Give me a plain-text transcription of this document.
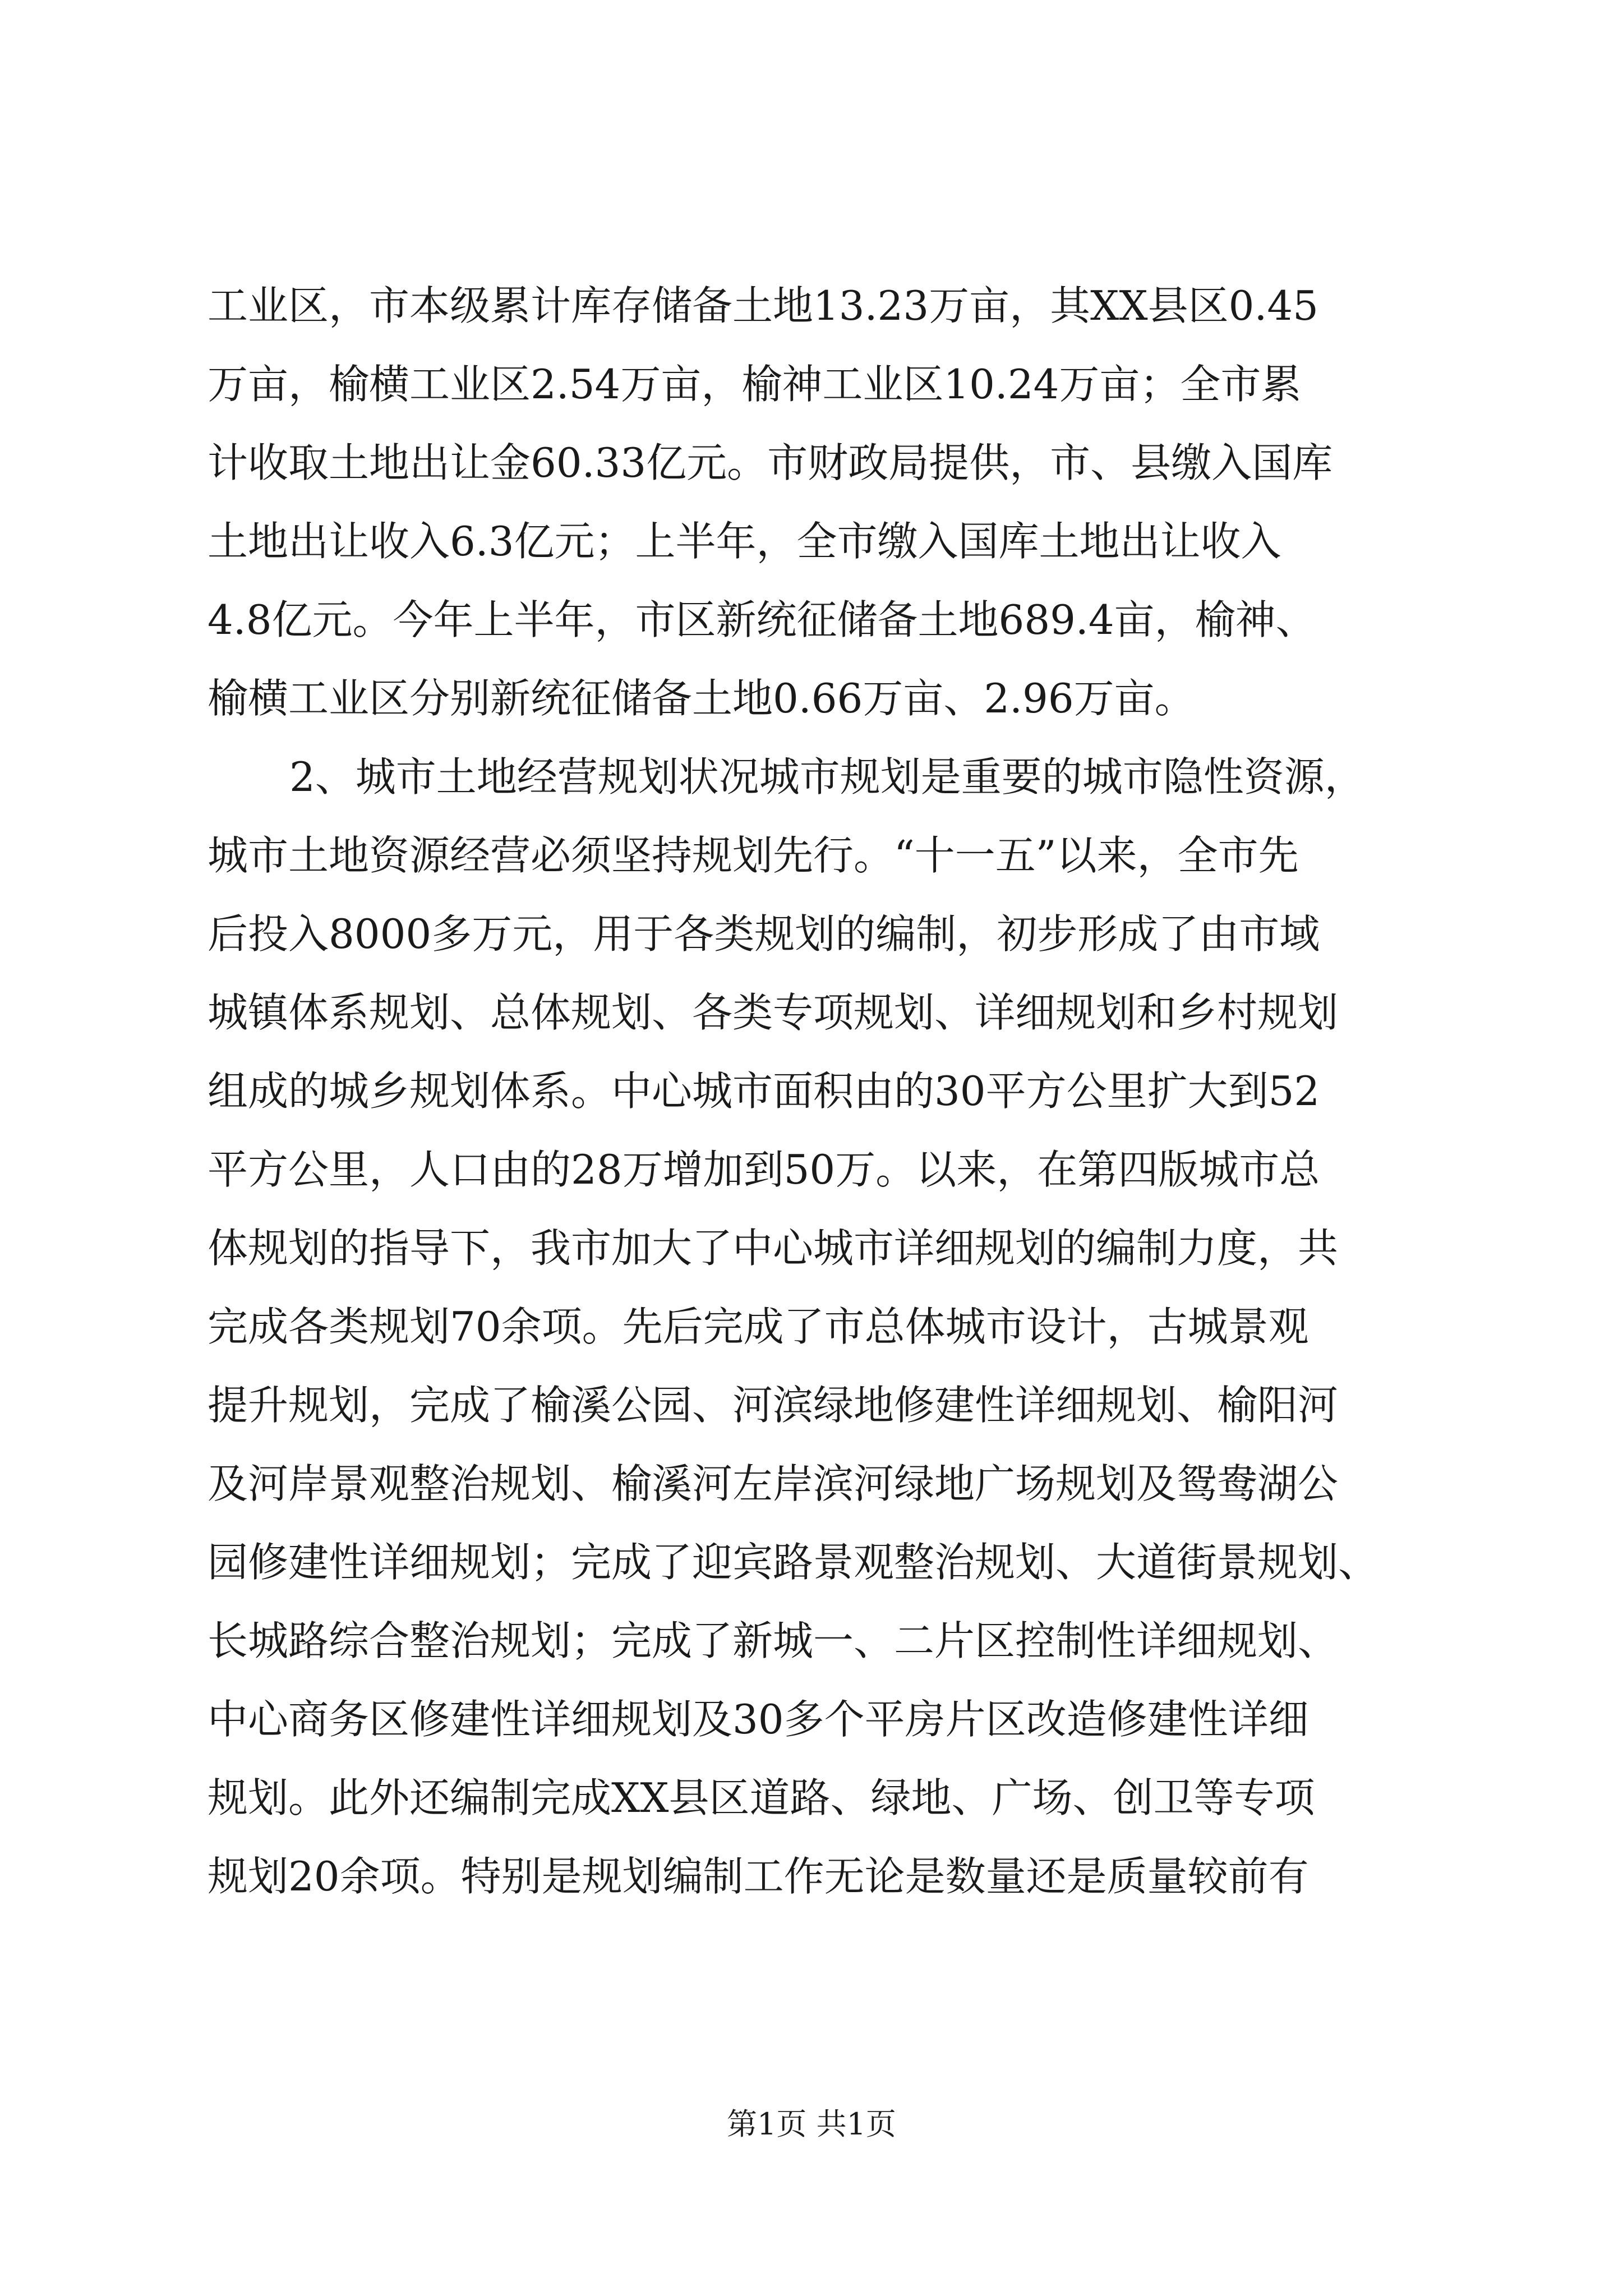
工业区，市本级累计库存储备土地13.23万亩，其XX县区0.45
万亩，榆横工业区2.54万亩，榆神工业区10.24万亩；全市累
计收取土地出让金60.33亿元。市财政局提供，市、县缴入国库
土地出让收入6.3亿元；上半年，全市缴入国库土地出让收入
4.8亿元。今年上半年，市区新统征储备土地689.4亩，榆神、
榆横工业区分别新统征储备土地0.66万亩、2.96万亩。
2、城市土地经营规划状况城市规划是重要的城市隐性资源，
城市土地资源经营必须坚持规划先行。“十一五”以来，全市先
后投入8000多万元，用于各类规划的编制，初步形成了由市域
城镇体系规划、总体规划、各类专项规划、详细规划和乡村规划
组成的城乡规划体系。中心城市面积由的30平方公里扩大到52
平方公里，人口由的28万增加到50万。以来，在第四版城市总
体规划的指导下，我市加大了中心城市详细规划的编制力度，共
完成各类规划70余项。先后完成了市总体城市设计，古城景观
提升规划，完成了榆溪公园、河滨绿地修建性详细规划、榆阳河
及河岸景观整治规划、榆溪河左岸滨河绿地广场规划及鸳鸯湖公
园修建性详细规划；完成了迎宾路景观整治规划、大道街景规划、
长城路综合整治规划；完成了新城一、二片区控制性详细规划、
中心商务区修建性详细规划及30多个平房片区改造修建性详细
规划。此外还编制完成XX县区道路、绿地、广场、创卫等专项
规划20余项。特别是规划编制工作无论是数量还是质量较前有
第1页 共1页
